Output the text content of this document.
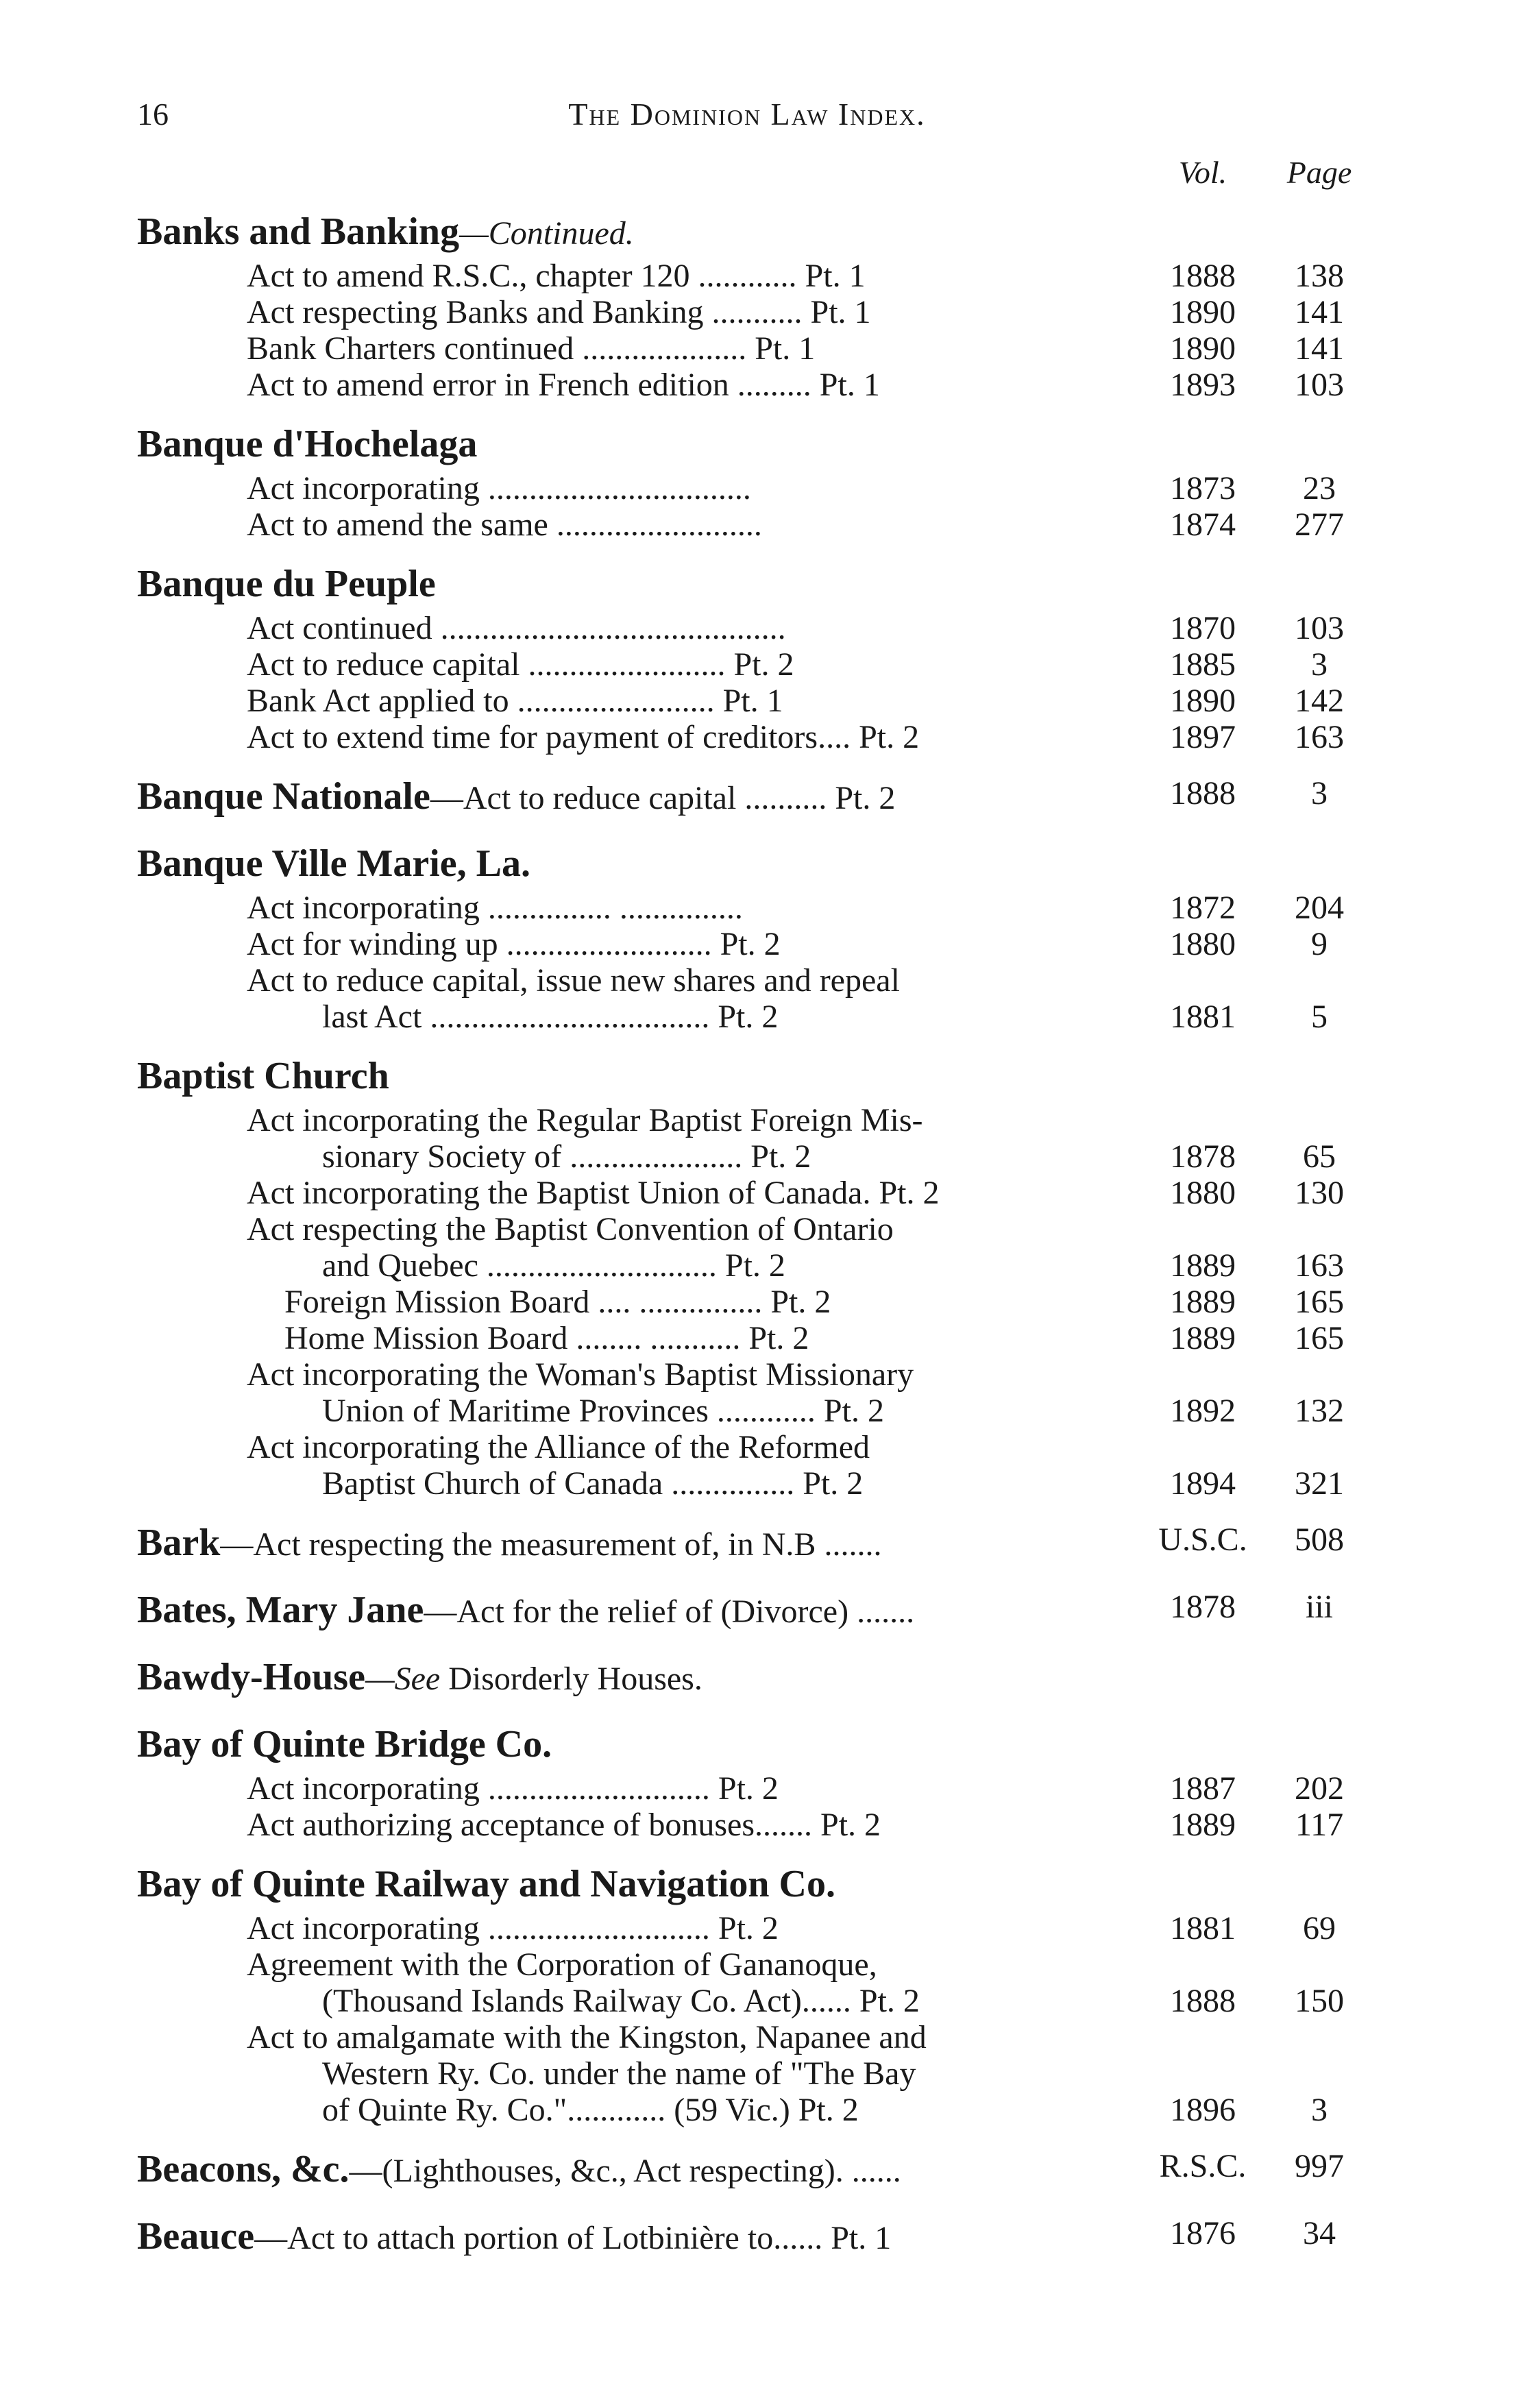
16	The Dominion Law Index.
Vol.	Page
Banks and Banking—Continued.
Act to amend R.S.C., chapter 120 ............ Pt. 1	1888	138
Act respecting Banks and Banking ........... Pt. 1	1890	141
Bank Charters continued .................... Pt. 1	1890	141
Act to amend error in French edition ......... Pt. 1	1893	103
Banque d'Hochelaga
Act incorporating ................................	1873	23
Act to amend the same .........................	1874	277
Banque du Peuple
Act continued ..........................................	1870	103
Act to reduce capital ........................ Pt. 2	1885	3
Bank Act applied to ........................ Pt. 1	1890	142
Act to extend time for payment of creditors.... Pt. 2	1897	163
Banque Nationale—Act to reduce capital .......... Pt. 2	1888	3
Banque Ville Marie, La.
Act incorporating ............... ...............	1872	204
Act for winding up ......................... Pt. 2	1880	9
Act to reduce capital, issue new shares and repeal
last Act .................................. Pt. 2	1881	5
Baptist Church
Act incorporating the Regular Baptist Foreign Mis-
sionary Society of ..................... Pt. 2	1878	65
Act incorporating the Baptist Union of Canada. Pt. 2	1880	130
Act respecting the Baptist Convention of Ontario
and Quebec ............................ Pt. 2	1889	163
Foreign Mission Board .... ............... Pt. 2	1889	165
Home Mission Board ........ ........... Pt. 2	1889	165
Act incorporating the Woman's Baptist Missionary
Union of Maritime Provinces ............ Pt. 2	1892	132
Act incorporating the Alliance of the Reformed
Baptist Church of Canada ............... Pt. 2	1894	321
Bark—Act respecting the measurement of, in N.B .......	U.S.C.	508
Bates, Mary Jane—Act for the relief of (Divorce) .......	1878	iii
Bawdy-House—See Disorderly Houses.
Bay of Quinte Bridge Co.
Act incorporating ........................... Pt. 2	1887	202
Act authorizing acceptance of bonuses....... Pt. 2	1889	117
Bay of Quinte Railway and Navigation Co.
Act incorporating ........................... Pt. 2	1881	69
Agreement with the Corporation of Gananoque,
(Thousand Islands Railway Co. Act)...... Pt. 2	1888	150
Act to amalgamate with the Kingston, Napanee and
Western Ry. Co. under the name of "The Bay
of Quinte Ry. Co."............ (59 Vic.) Pt. 2	1896	3
Beacons, &c.—(Lighthouses, &c., Act respecting). ......	R.S.C.	997
Beauce—Act to attach portion of Lotbinière to...... Pt. 1	1876	34
